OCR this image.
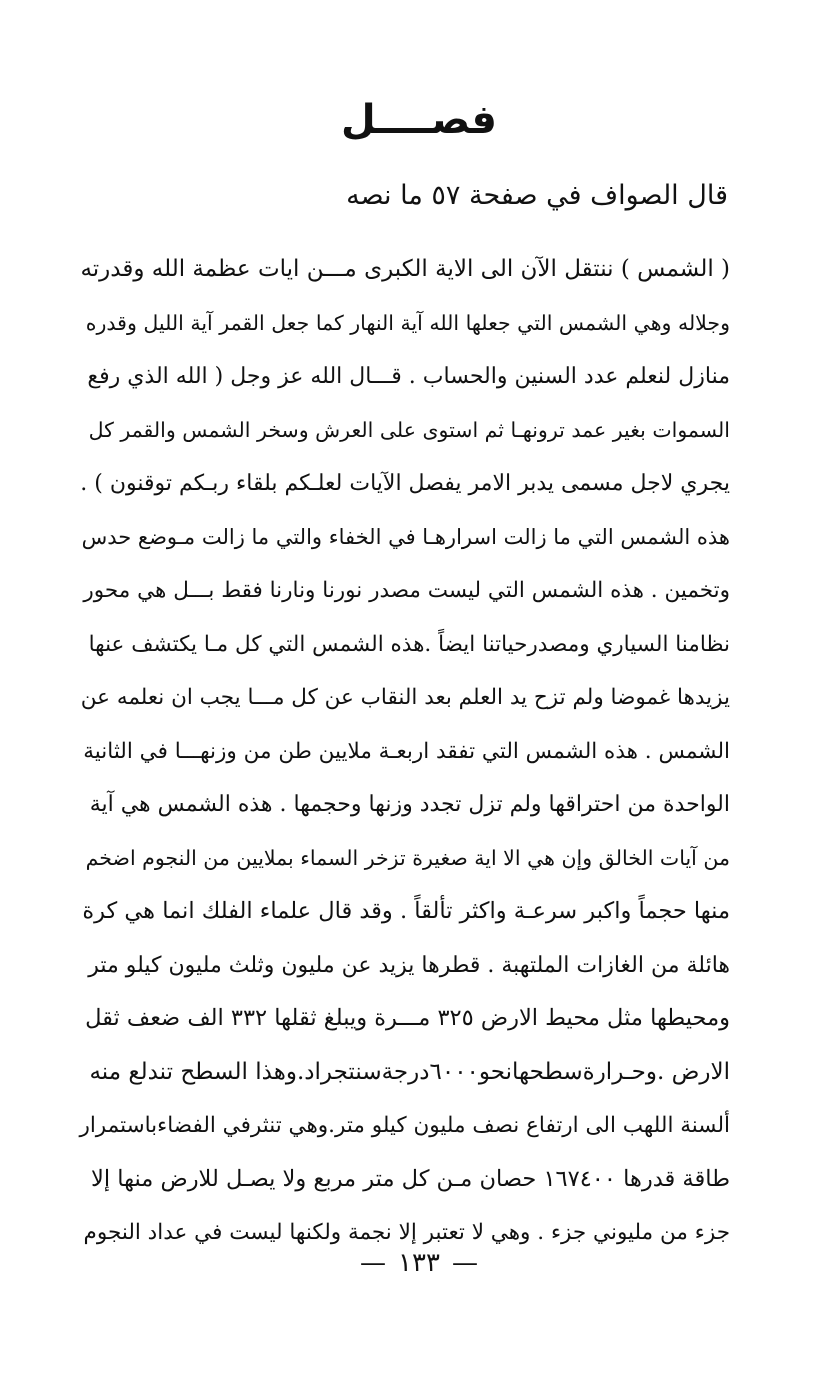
فصــــل
قال الصواف في صفحة ٥٧ ما نصه
( الشمس ) ننتقل الآن الى الاية الكبرى مـــن ايات عظمة الله وقدرته
وجلاله وهي الشمس التي جعلها الله آية النهار كما جعل القمر آية الليل وقدره
منازل لنعلم عدد السنين والحساب . قـــال الله عز وجل ( الله الذي رفع
السموات بغير عمد ترونهـا ثم استوى على العرش وسخر الشمس والقمر كل
يجري لاجل مسمى يدبر الامر يفصل الآيات لعلـكم بلقاء ربـكم توقنون ) .
هذه الشمس التي ما زالت اسرارهـا في الخفاء والتي ما زالت مـوضع حدس
وتخمين . هذه الشمس التي ليست مصدر نورنا ونارنا فقط بـــل هي محور
نظامنا السياري ومصدرحياتنا ايضاً .هذه الشمس التي كل مـا يكتشف عنها
يزيدها غموضا ولم تزح يد العلم بعد النقاب عن كل مـــا يجب ان نعلمه عن
الشمس . هذه الشمس التي تفقد اربعـة ملايين طن من وزنهـــا في الثانية
الواحدة من احتراقها ولم تزل تجدد وزنها وحجمها . هذه الشمس هي آية
من آيات الخالق وإن هي الا اية صغيرة تزخر السماء بملايين من النجوم اضخم
منها حجماً واكبر سرعـة واكثر تألقاً . وقد قال علماء الفلك انما هي كرة
هائلة من الغازات الملتهبة . قطرها يزيد عن مليون وثلث مليون كيلو متر
ومحيطها مثل محيط الارض ٣٢٥ مـــرة ويبلغ ثقلها ٣٣٢ الف ضعف ثقل
الارض .وحـرارةسطحهانحو٦٠٠٠درجةسنتجراد.وهذا السطح تندلع منه
ألسنة اللهب الى ارتفاع نصف مليون كيلو متر.وهي تنثرفي الفضاءباستمرار
طاقة قدرها ١٦٧٤٠٠ حصان مـن كل متر مربع ولا يصـل للارض منها إلا
جزء من مليوني جزء . وهي لا تعتبر إلا نجمة ولكنها ليست في عداد النجوم
—١٣٣—
